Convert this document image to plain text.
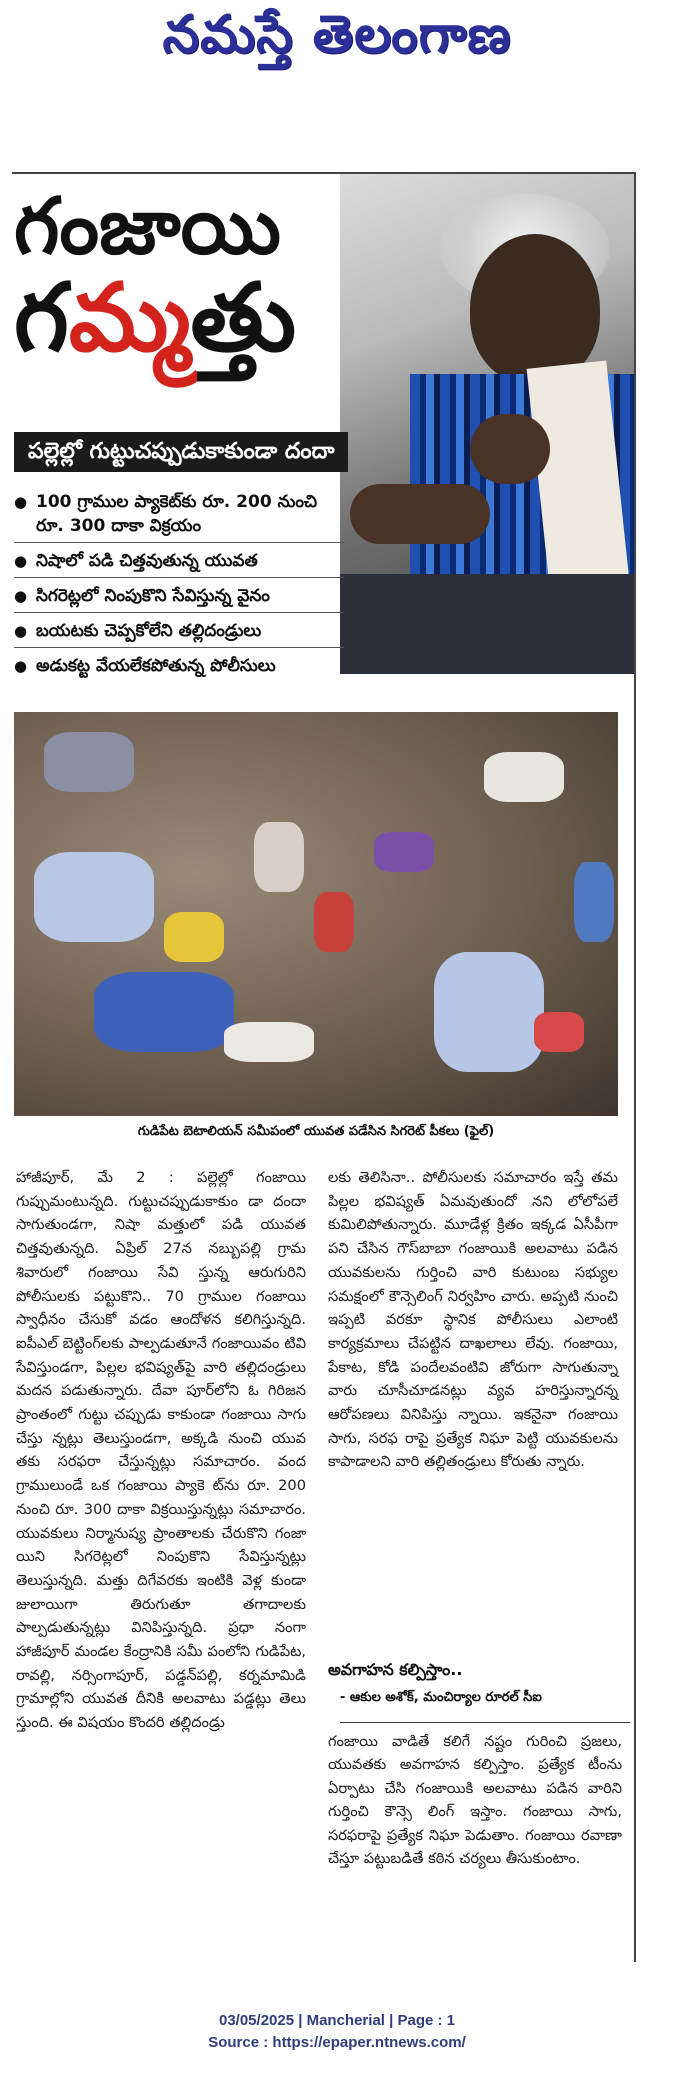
నమస్తే తెలంగాణ
గంజాయి
గమ్మత్తు
పల్లెల్లో గుట్టుచప్పుడుకాకుండా దందా
● 100 గ్రాముల ప్యాకెట్‌కు రూ. 200 నుంచి రూ. 300 దాకా విక్రయం
● నిషాలో పడి చిత్తవుతున్న యువత
● సిగరెట్లలో నింపుకొని సేవిస్తున్న వైనం
● బయటకు చెప్పకోలేని తల్లిదండ్రులు
● అడుకట్ట వేయలేకపోతున్న పోలీసులు
గుడిపేట బెటాలియన్ సమీపంలో యువత పడేసిన సిగరెట్ పీకలు (ఫైల్)
హాజీపూర్, మే 2 : పల్లెల్లో గంజాయి గుప్పుమంటున్నది. గుట్టుచప్పుడుకాకుం డా దందా సాగుతుండగా, నిషా మత్తులో పడి యువత చిత్తవుతున్నది. ఏప్రిల్ 27న నబ్బుపల్లి గ్రామ శివారులో గంజాయి సేవి స్తున్న ఆరుగురిని పోలీసులకు పట్టుకొని.. 70 గ్రాముల గంజాయి స్వాధీనం చేసుకో వడం ఆందోళన కలిగిస్తున్నది. ఐపీఎల్ బెట్టింగ్‌లకు పాల్పడుతూనే గంజాయివం టివి సేవిస్తుండగా, పిల్లల భవిష్యత్‌పై వారి తల్లిదండ్రులు మదన పడుతున్నారు. దేవా పూర్‌లోని ఓ గిరిజన ప్రాంతంలో గుట్టు చప్పుడు కాకుండా గంజాయి సాగు చేస్తు న్నట్లు తెలుస్తుండగా, అక్కడి నుంచి యువ తకు సరఫరా చేస్తున్నట్లు సమాచారం. వంద గ్రాములుండే ఒక గంజాయి ప్యాకె ట్‌ను రూ. 200 నుంచి రూ. 300 దాకా విక్రయిస్తున్నట్లు సమాచారం. యువకులు నిర్మానుష్య ప్రాంతాలకు చేరుకొని గంజా యిని సిగరెట్లలో నింపుకొని సేవిస్తున్నట్లు తెలుస్తున్నది. మత్తు దిగేవరకు ఇంటికి వెళ్ల కుండా జులాయిగా తిరుగుతూ తగాదాలకు పాల్పడుతున్నట్లు వినిపిస్తున్నది. ప్రధా నంగా హాజీపూర్ మండల కేంద్రానికి సమీ పంలోని గుడిపేట, రావల్లి, నర్సింగాపూర్, పడ్డన్‌పల్లి, కర్నమామిడి గ్రామాల్లోని యువత దీనికి అలవాటు పడ్డట్లు తెలు స్తుంది. ఈ విషయం కొందరి తల్లిదండ్రు
లకు తెలిసినా.. పోలీసులకు సమాచారం ఇస్తే తమ పిల్లల భవిష్యత్ ఏమవుతుందో నని లోలోపలే కుమిలిపోతున్నారు. మూడేళ్ల క్రితం ఇక్కడ ఏసీపీగా పని చేసిన గౌస్‌బాబా గంజాయికి అలవాటు పడిన యువకులను గుర్తించి వారి కుటుంబ సభ్యుల సమక్షంలో కౌన్సెలింగ్ నిర్వహిం చారు. అప్పటి నుంచి ఇప్పటి వరకూ స్థానిక పోలీసులు ఎలాంటి కార్యక్రమాలు చేపట్టిన దాఖలాలు లేవు. గంజాయి, పేకాట, కోడి పందేలవంటివి జోరుగా సాగుతున్నా వారు చూసీచూడనట్లు వ్యవ హరిస్తున్నారన్న ఆరోపణలు వినిపిస్తు న్నాయి. ఇకనైనా గంజాయి సాగు, సరఫ రాపై ప్రత్యేక నిఘా పెట్టి యువకులను కాపాడాలని వారి తల్లితండ్రులు కోరుతు న్నారు.
అవగాహన కల్పిస్తాం..
- ఆకుల అశోక్, మంచిర్యాల రూరల్ సీఐ
గంజాయి వాడితే కలిగే నష్టం గురించి ప్రజలు, యువతకు అవగాహన కల్పిస్తాం. ప్రత్యేక టీంను ఏర్పాటు చేసి గంజాయికి అలవాటు పడిన వారిని గుర్తించి కౌన్సె లింగ్ ఇస్తాం. గంజాయి సాగు, సరఫరాపై ప్రత్యేక నిఘా పెడుతాం. గంజాయి రవాణా చేస్తూ పట్టుబడితే కఠిన చర్యలు తీసుకుంటాం.
03/05/2025 | Mancherial | Page : 1
Source : https://epaper.ntnews.com/
